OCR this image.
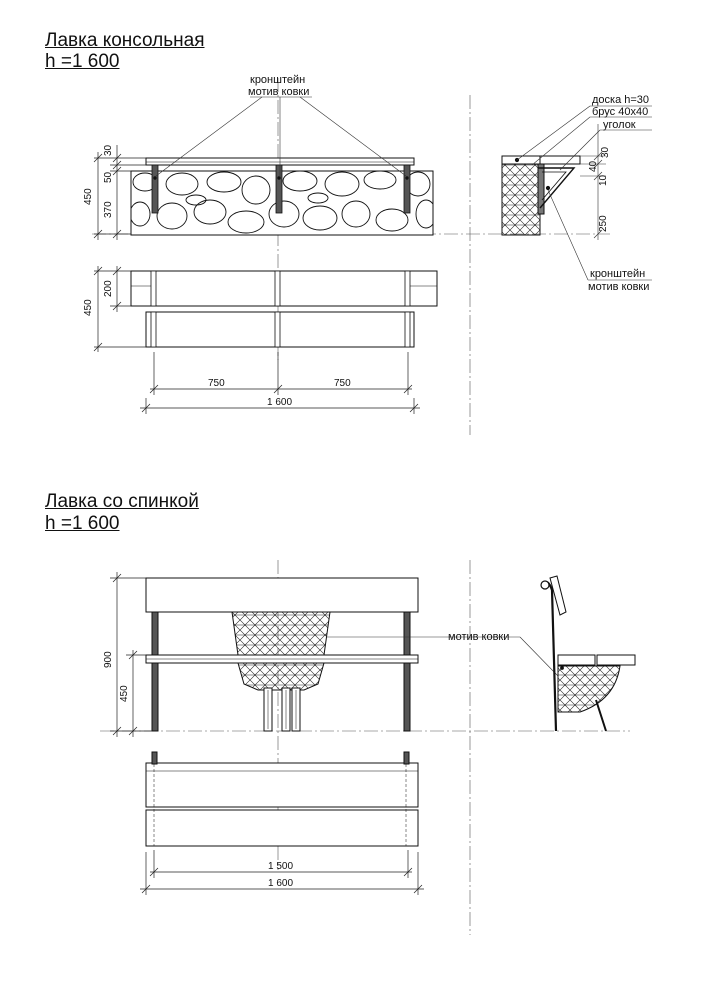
Лавка консольная
h =1 600
Лавка со спинкой
h =1 600
кронштейн
мотив ковки
450
30
50
370
450
200
750	750
1 600
доска h=30
брус 40х40
уголок
30
40
10
250
кронштейн
мотив ковки
мотив ковки
900
450
1 500
1 600
